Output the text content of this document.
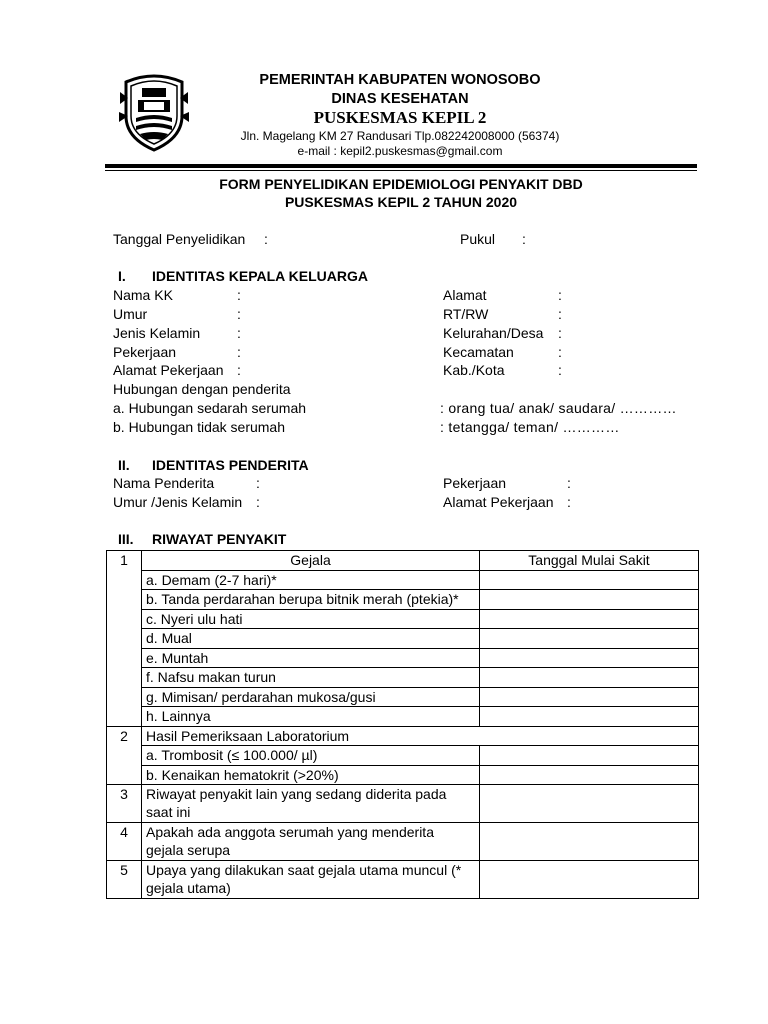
PEMERINTAH KABUPATEN WONOSOBO
DINAS KESEHATAN
PUSKESMAS KEPIL 2
Jln. Magelang KM 27 Randusari Tlp.082242008000 (56374)
e-mail : kepil2.puskesmas@gmail.com
FORM PENYELIDIKAN EPIDEMIOLOGI PENYAKIT DBD
PUSKESMAS KEPIL 2 TAHUN 2020
Tanggal Penyelidikan :	Pukul :
I. IDENTITAS KEPALA KELUARGA
Nama KK	:
Umur	:
Jenis Kelamin	:
Pekerjaan	:
Alamat Pekerjaan :
Alamat	:
RT/RW	:
Kelurahan/Desa :
Kecamatan	:
Kab./Kota	:
Hubungan dengan penderita
a. Hubungan sedarah serumah	: orang tua/ anak/ saudara/ …………
b. Hubungan tidak serumah	: tetangga/ teman/ …………
II. IDENTITAS PENDERITA
Nama Penderita	:
Umur /Jenis Kelamin :
Pekerjaan	:
Alamat Pekerjaan :
III. RIWAYAT PENYAKIT
1	Gejala	Tanggal Mulai Sakit
	a. Demam (2-7 hari)*	
	b. Tanda perdarahan berupa bitnik merah (ptekia)*	
	c. Nyeri ulu hati	
	d. Mual	
	e. Muntah	
	f. Nafsu makan turun	
	g. Mimisan/ perdarahan mukosa/gusi	
	h. Lainnya	
2	Hasil Pemeriksaan Laboratorium	
	a. Trombosit (≤ 100.000/ µl)	
	b. Kenaikan hematokrit (>20%)	
3	Riwayat penyakit lain yang sedang diderita pada saat ini	
4	Apakah ada anggota serumah yang menderita gejala serupa	
5	Upaya yang dilakukan saat gejala utama muncul (* gejala utama)	
